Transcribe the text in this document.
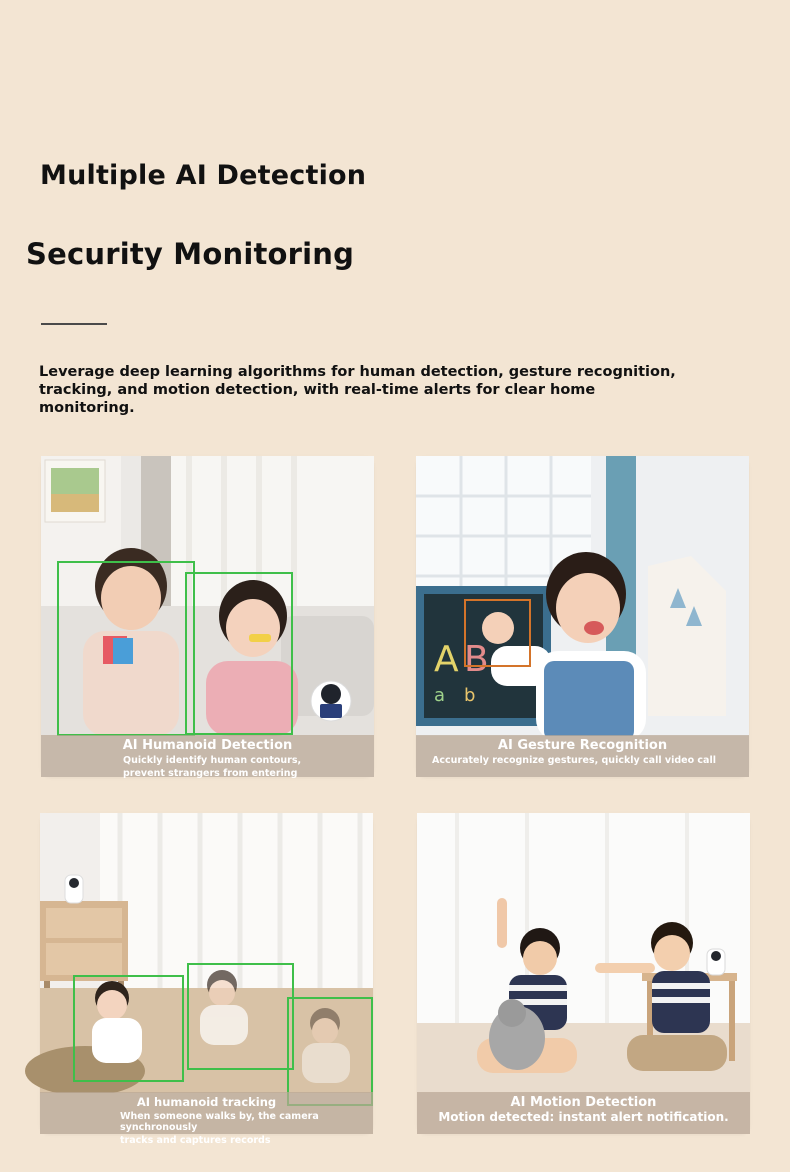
Multiple AI Detection
Security Monitoring

Leverage deep learning algorithms for human detection, gesture recognition,
tracking, and motion detection, with real-time alerts for clear home monitoring.

AI Humanoid Detection
Quickly identify human contours,
prevent strangers from entering
A B
a b
AI Gesture Recognition
Accurately recognize gestures, quickly call video call
AI humanoid tracking
When someone walks by, the camera synchronously
tracks and captures records
AI Motion Detection
Motion detected: instant alert notification.
